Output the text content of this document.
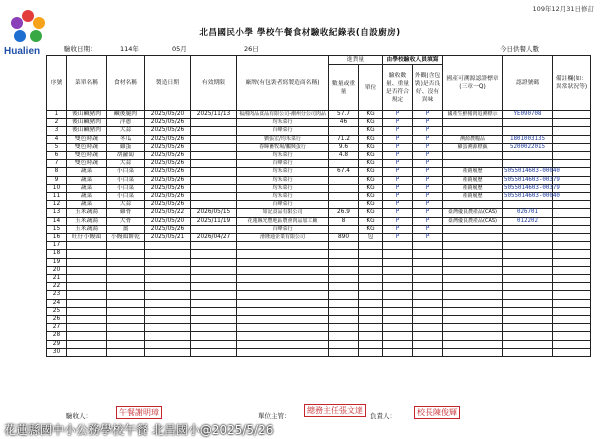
Hualien
109年12月31日修訂
北昌國民小學 學校午餐食材驗收紀錄表(自設廚房)
驗收日期：	114年	05月	26日	今日供餐人數
序號	菜單名稱	食材名稱	製造日期	有效期限	廠牌(有包裝者寫製造商名稱)	進貨量		由學校驗收人員填寫		國產可溯源認證標章(三章一Q)	認證號碼	備註欄(如：異常狀況等)
						數量或重量	單位	驗收數量、重量是否符合規定	外觀(含包裝)是否良好、沒有異味			
1	後山鹹豬肉	鹹後腿肉	2025/05/20	2025/11/13	福鴻肉品食品有限公司-潮州分公司肉品	57.7	KG	P	P	國產生鮮豬肉追溯標示	YE090708	
2	後山鹹豬肉	洋蔥	2025/05/26		均禾菜行	46	KG	P	P			
3	後山鹹豬肉	大蒜	2025/05/26		百峰菜行		KG	P	P			
4	雙色時蔬	冬瓜	2025/05/26		劉張宏/均禾菜行	71.2	KG	P	P	溯源農糧品	1801003135	
5	雙色時蔬	雞蛋	2025/05/26		春暉畜牧場/鵬興蛋行	9.6	KG	P	P	雞蛋溯源標籤	5200022015	
6	雙色時蔬	胡蘿蔔	2025/05/26		均禾菜行	4.8	KG	P	P			
7	雙色時蔬	大蒜	2025/05/26		百峰菜行		KG	P	P			
8	蔬菜	小白菜	2025/05/26		均禾菜行	67.4	KG	P	P	產銷履歷	5055014603-00040	
9	蔬菜	小白菜	2025/05/26		均禾菜行		KG	P	P	產銷履歷	5055014603-00379	
10	蔬菜	小白菜	2025/05/26		均禾菜行		KG	P	P	產銷履歷	5055014603-00379	
11	蔬菜	小白菜	2025/05/26		均禾菜行		KG	P	P	產銷履歷	5055014603-00040	
12	蔬菜	大蒜	2025/05/26		百峰菜行		KG	P	P			
13	玉米蔬湯	雞骨	2025/05/22	2026/05/15	如記食品有限公司	26.9	KG	P	P	臺灣優良農產品(CAS)	026701	
14	玉米蔬湯	大骨	2025/05/20	2025/11/19	花蓮縣光豐地區農會肉品加工廠	8	KG	P	P	臺灣優良農產品(CAS)	012202	
15	玉米蔬湯	薑	2025/05/26		百峰菜行		KG	P	P			
16	旺仔小饅頭	小饅頭餅乾	2025/05/21	2026/04/27	滑隆通企業有限公司	890	包	P	P			
17												
18												
19												
20												
21												
22												
23												
24												
25												
26												
27												
28												
29												
30												
驗收人：	午餐謝明璋	單位主管：
總務主任張文達
負責人：	校長陳俊輝
花蓮縣國中小公務學校午餐 北昌國小@2025/5/26
